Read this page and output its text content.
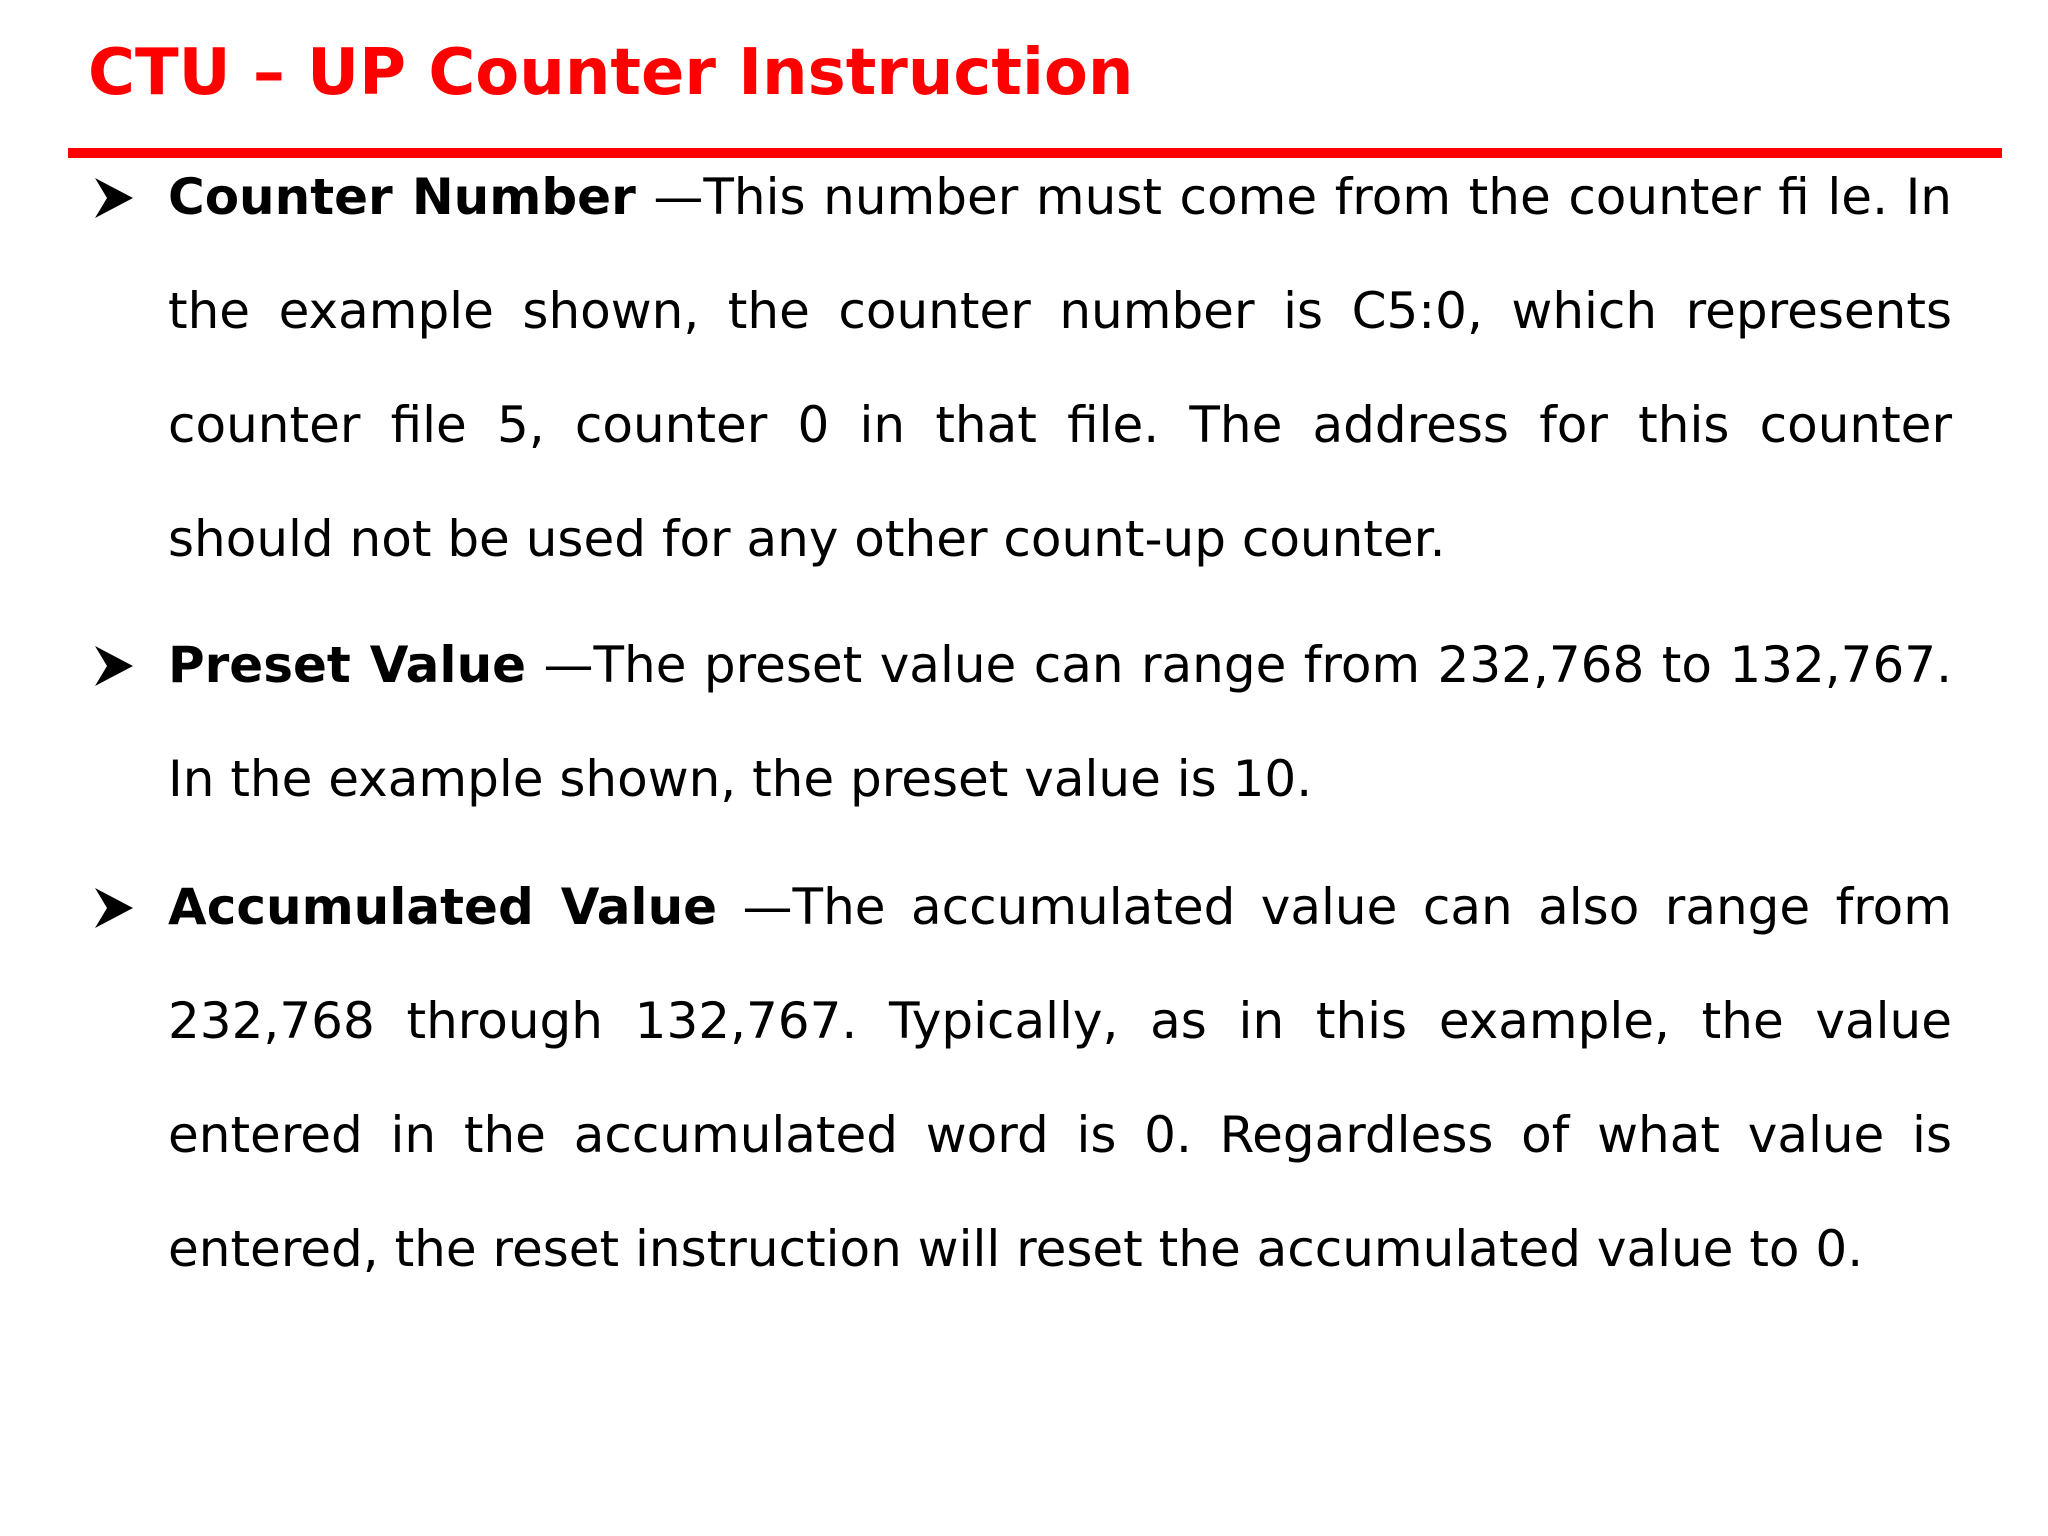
CTU – UP Counter Instruction

Counter Number —This number must come from the counter fi le. In the example shown, the counter number is C5:0, which represents counter file 5, counter 0 in that file. The address for this counter should not be used for any other count-up counter.

Preset Value —The preset value can range from 232,768 to 132,767. In the example shown, the preset value is 10.

Accumulated Value —The accumulated value can also range from 232,768 through 132,767. Typically, as in this example, the value entered in the accumulated word is 0. Regardless of what value is entered, the reset instruction will reset the accumulated value to 0.
